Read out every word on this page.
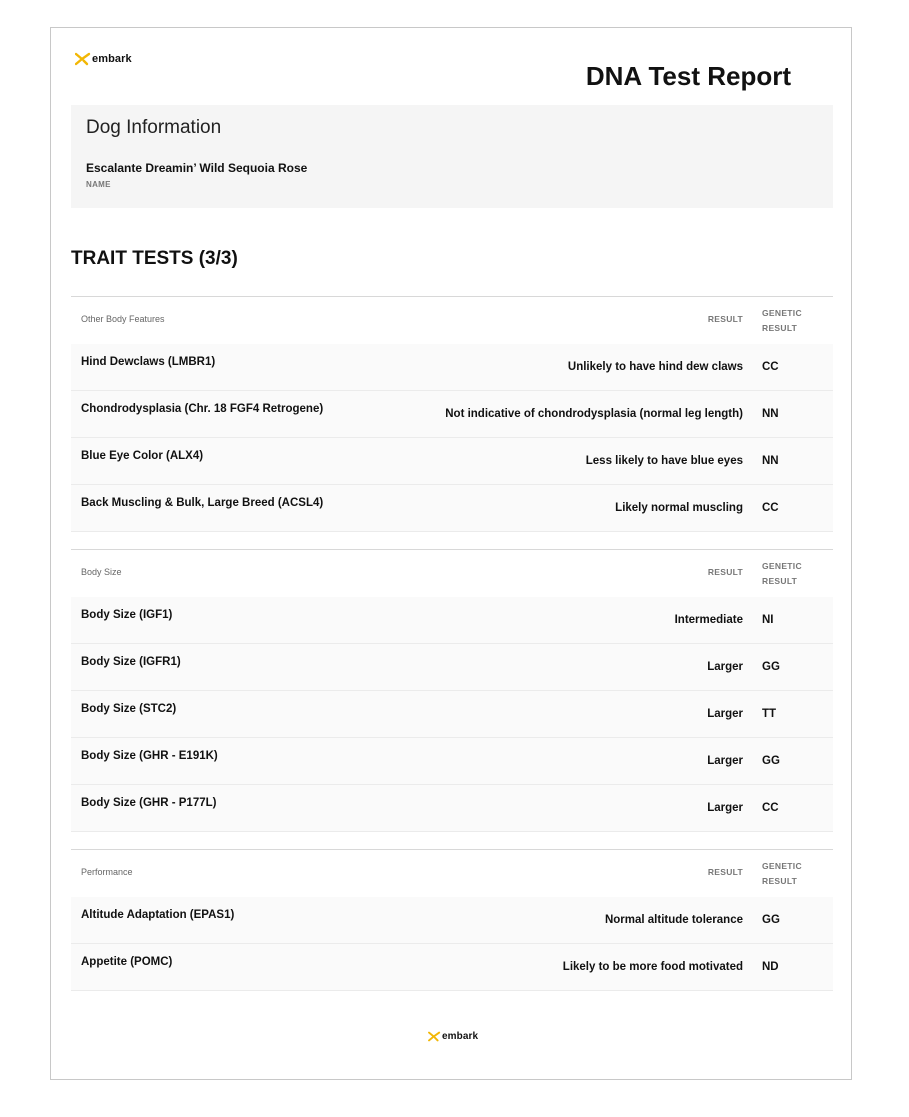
embark
DNA Test Report
Dog Information
Escalante Dreamin’ Wild Sequoia Rose
NAME
TRAIT TESTS (3/3)
Other Body Features	RESULT
GENETIC
RESULT
Hind Dewclaws (LMBR1)	Unlikely to have hind dew claws CC
Chondrodysplasia (Chr. 18 FGF4 Retrogene)	Not indicative of chondrodysplasia (normal leg length) NN
Blue Eye Color (ALX4)	Less likely to have blue eyes NN
Back Muscling & Bulk, Large Breed (ACSL4)	Likely normal muscling CC
Body Size	RESULT
GENETIC
RESULT
Body Size (IGF1)	Intermediate NI
Body Size (IGFR1)	Larger GG
Body Size (STC2)	Larger TT
Body Size (GHR - E191K)	Larger GG
Body Size (GHR - P177L)	Larger CC
Performance	RESULT
GENETIC
RESULT
Altitude Adaptation (EPAS1)	Normal altitude tolerance GG
Appetite (POMC)	Likely to be more food motivated ND
embark
